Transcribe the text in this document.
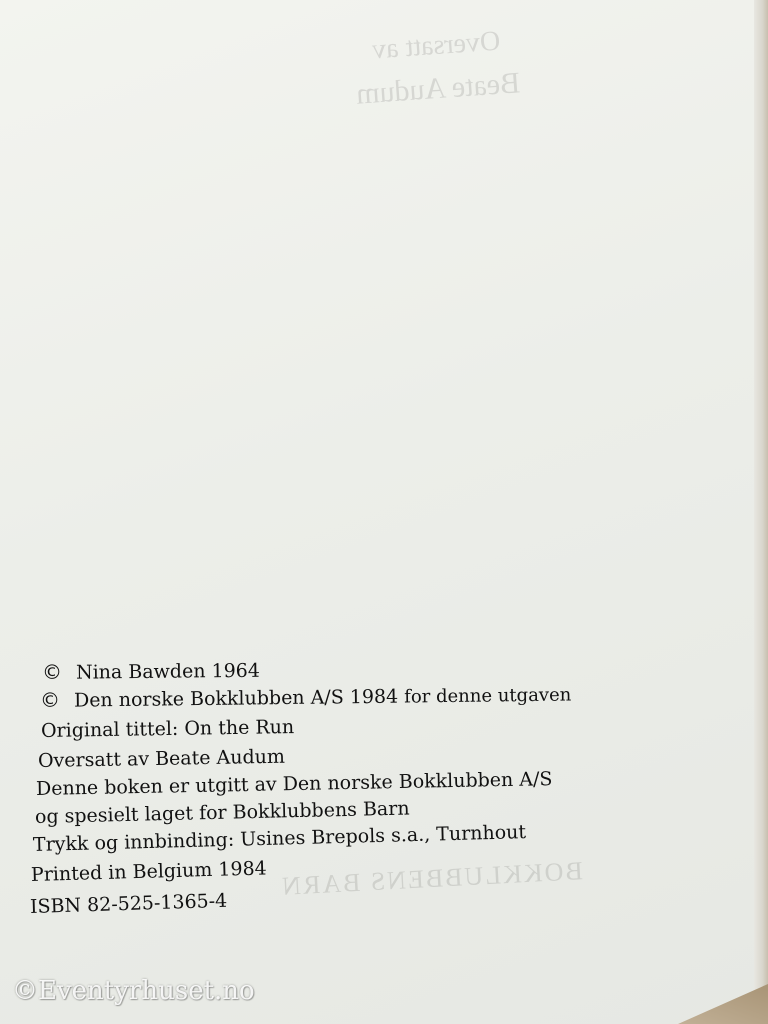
Oversatt av
Beate Audum
BOKKLUBBENS BARN
© Nina Bawden 1964
© Den norske Bokklubben A/S 1984 for denne utgaven
Original tittel: On the Run
Oversatt av Beate Audum
Denne boken er utgitt av Den norske Bokklubben A/S
og spesielt laget for Bokklubbens Barn
Trykk og innbinding: Usines Brepols s.a., Turnhout
Printed in Belgium 1984
ISBN 82-525-1365-4
©Eventyrhuset.no
